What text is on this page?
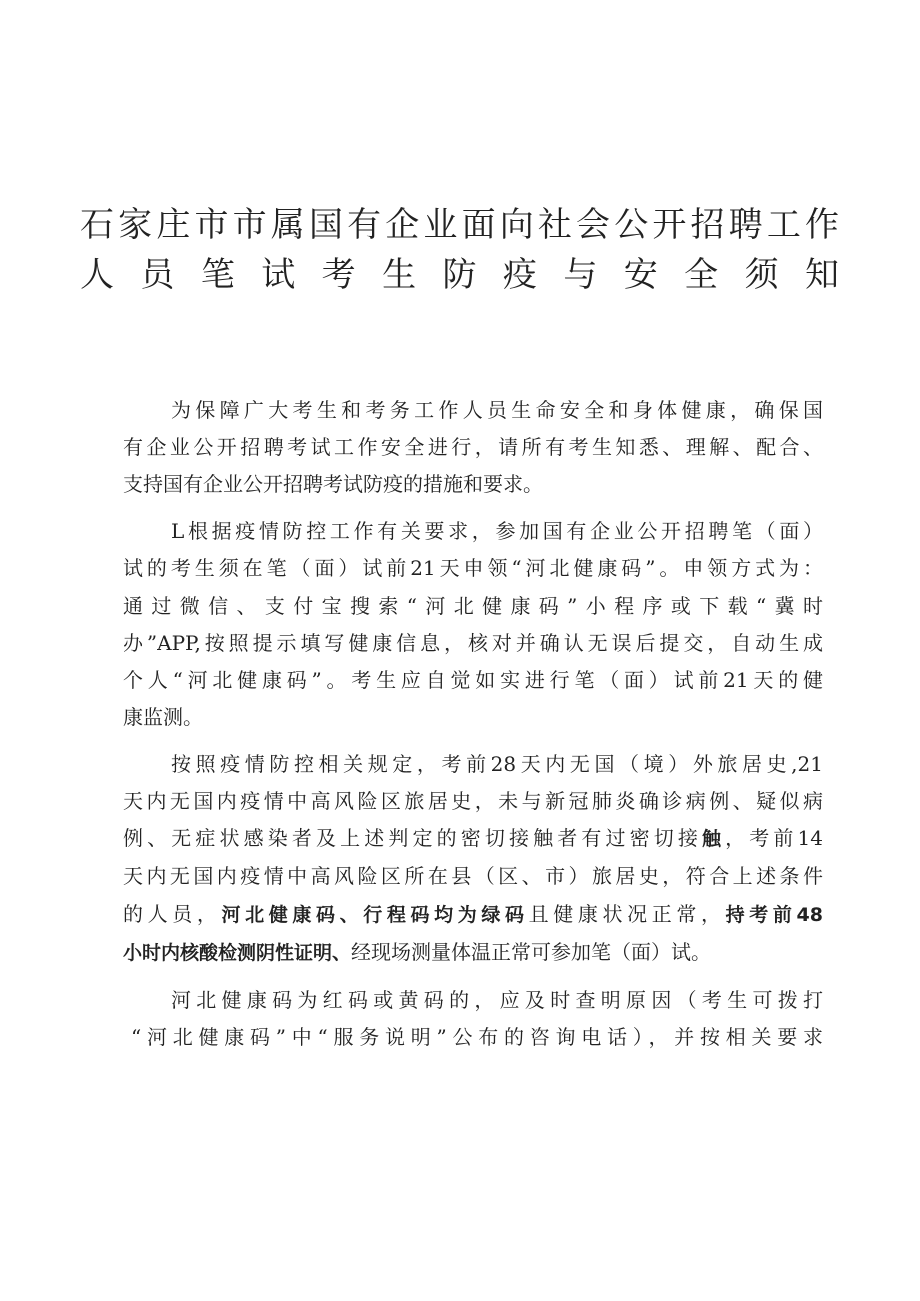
石家庄市市属国有企业面向社会公开招聘工作
人员笔试考生防疫与安全须知
为保障广大考生和考务工作人员生命安全和身体健康，确保国
有企业公开招聘考试工作安全进行，请所有考生知悉、理解、配合、
支持国有企业公开招聘考试防疫的措施和要求。
L根据疫情防控工作有关要求，参加国有企业公开招聘笔（面）
试的考生须在笔（面）试前21天申领“河北健康码”。申领方式为：
通过微信、支付宝搜索“河北健康码”小程序或下载“冀时
办”APP,按照提示填写健康信息，核对并确认无误后提交，自动生成
个人“河北健康码”。考生应自觉如实进行笔（面）试前21天的健
康监测。
按照疫情防控相关规定，考前28天内无国（境）外旅居史,21
天内无国内疫情中高风险区旅居史，未与新冠肺炎确诊病例、疑似病
例、无症状感染者及上述判定的密切接触者有过密切接触，考前14
天内无国内疫情中高风险区所在县（区、市）旅居史，符合上述条件
的人员，河北健康码、行程码均为绿码且健康状况正常，持考前48
小时内核酸检测阴性证明、经现场测量体温正常可参加笔（面）试。
河北健康码为红码或黄码的，应及时查明原因（考生可拨打
“河北健康码”中“服务说明”公布的咨询电话），并按相关要求
